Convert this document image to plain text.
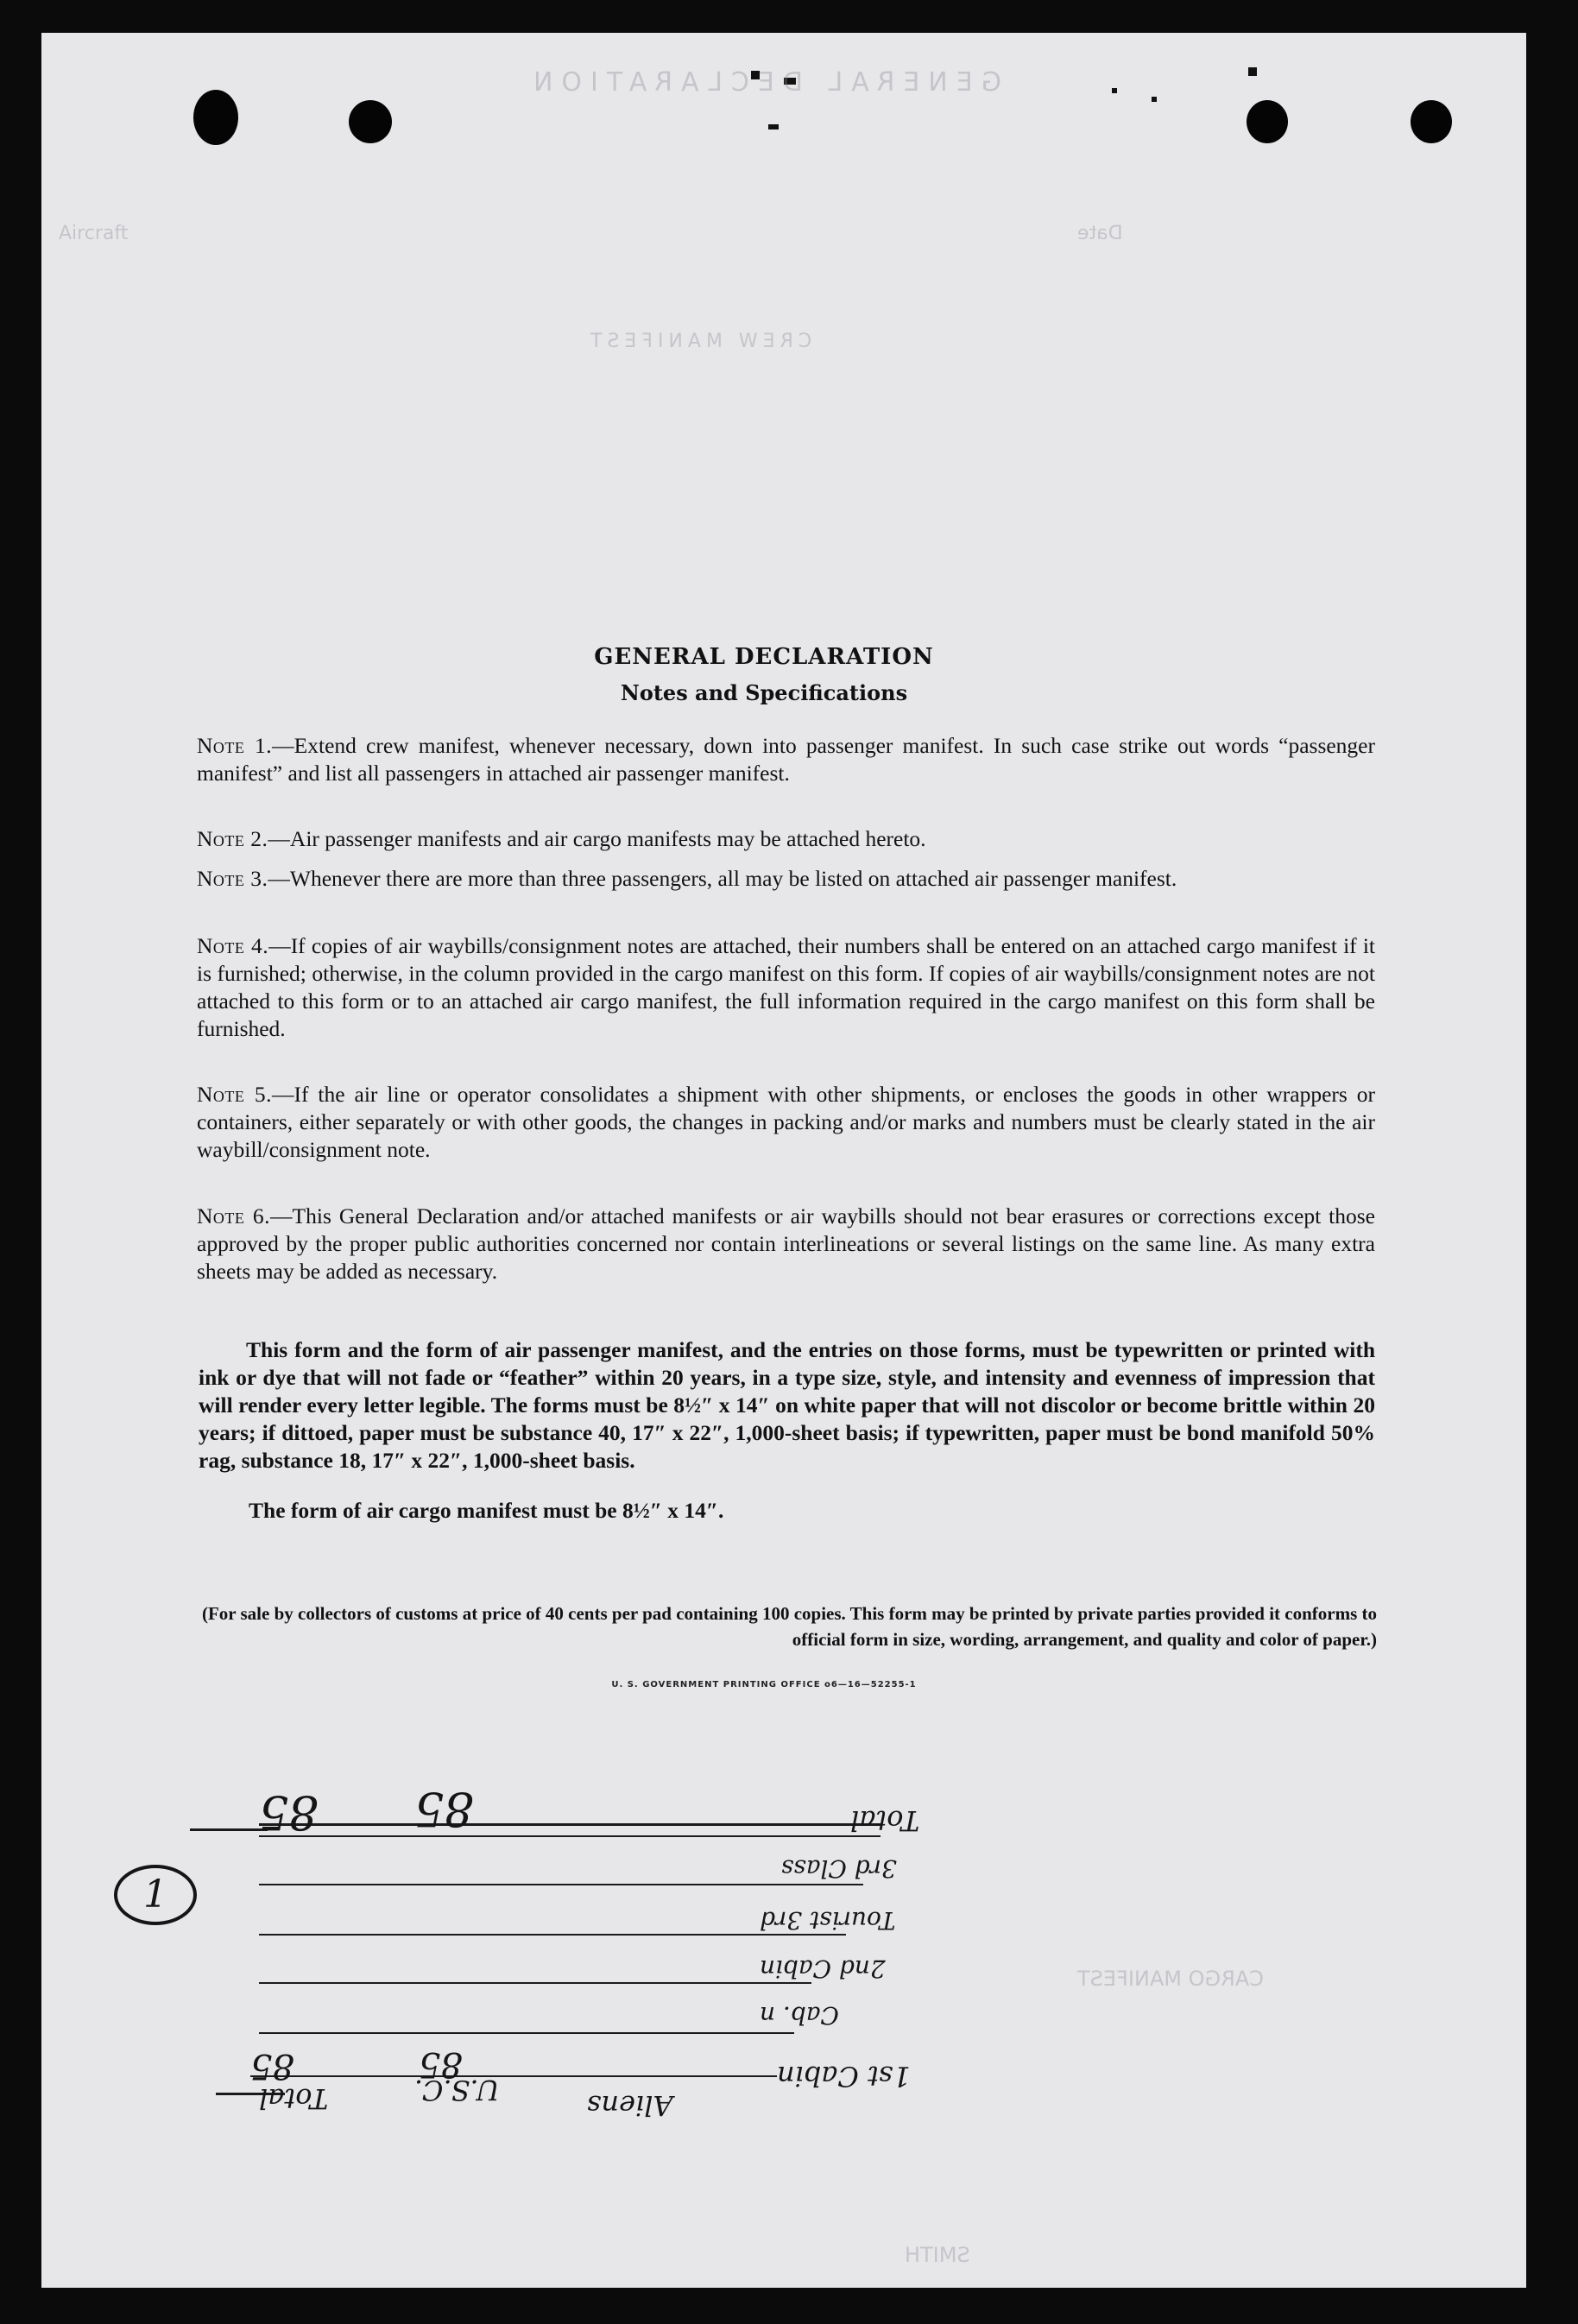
GENERAL DECLARATION
Date
Aircraft
CREW MANIFEST
CARGO MANIFEST
SMITH
GENERAL DECLARATION
Notes and Specifications
Note 1.—Extend crew manifest, whenever necessary, down into passenger manifest. In such case strike out words “passenger manifest” and list all passengers in attached air passenger manifest.
Note 2.—Air passenger manifests and air cargo manifests may be attached hereto.
Note 3.—Whenever there are more than three passengers, all may be listed on attached air passenger manifest.
Note 4.—If copies of air waybills/consignment notes are attached, their numbers shall be entered on an attached cargo manifest if it is furnished; otherwise, in the column provided in the cargo manifest on this form. If copies of air waybills/consignment notes are not attached to this form or to an attached air cargo manifest, the full information required in the cargo manifest on this form shall be furnished.
Note 5.—If the air line or operator consolidates a shipment with other shipments, or encloses the goods in other wrappers or containers, either separately or with other goods, the changes in packing and/or marks and numbers must be clearly stated in the air waybill/consignment note.
Note 6.—This General Declaration and/or attached manifests or air waybills should not bear erasures or corrections except those approved by the proper public authorities concerned nor contain interlineations or several listings on the same line. As many extra sheets may be added as necessary.
This form and the form of air passenger manifest, and the entries on those forms, must be typewritten or printed with ink or dye that will not fade or “feather” within 20 years, in a type size, style, and intensity and evenness of impression that will render every letter legible. The forms must be 8½″ x 14″ on white paper that will not discolor or become brittle within 20 years; if dittoed, paper must be substance 40, 17″ x 22″, 1,000-sheet basis; if typewritten, paper must be bond manifold 50% rag, substance 18, 17″ x 22″, 1,000-sheet basis.
The form of air cargo manifest must be 8½″ x 14″.
(For sale by collectors of customs at price of 40 cents per pad containing 100 copies. This form may be printed by private parties provided it conforms to official form in size, wording, arrangement, and quality and color of paper.)
U. S. GOVERNMENT PRINTING OFFICE o6—16—52255-1
Total
3rd Class
Tourist 3rd
2nd Cabin
Cab. n
1st Cabin
Aliens
U.S.C.
Total
85 85
85
85
1
